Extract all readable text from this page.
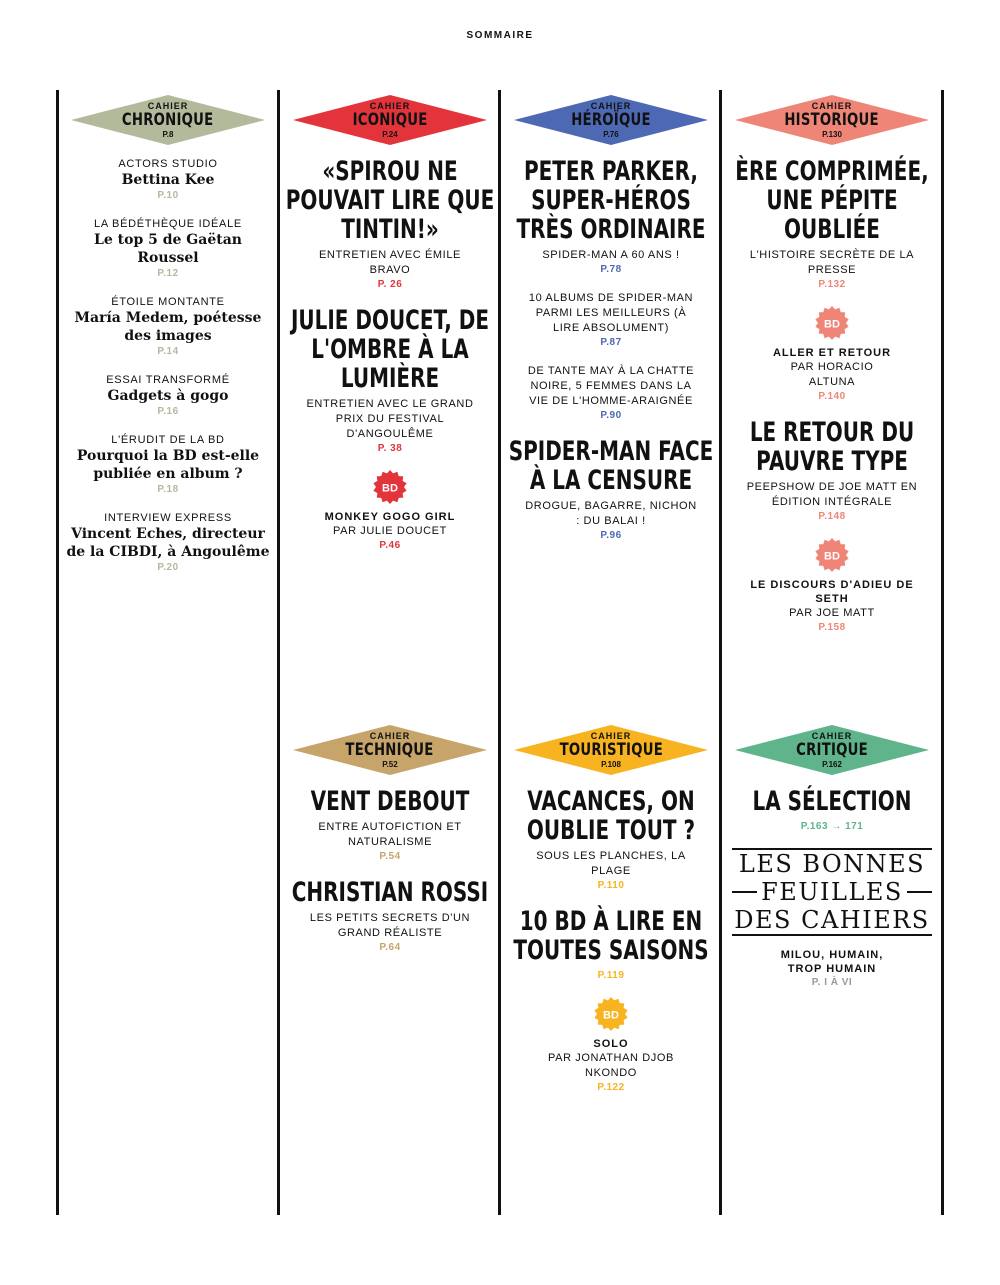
SOMMAIRE
CAHIER
CHRONIQUE
P.8
ACTORS STUDIO
Bettina Kee
P.10
LA BÉDÉTHÈQUE IDÉALE
Le top 5 de Gaëtan Roussel
P.12
ÉTOILE MONTANTE
María Medem, poétesse des images
P.14
ESSAI TRANSFORMÉ
Gadgets à gogo
P.16
L'ÉRUDIT DE LA BD
Pourquoi la BD est-elle publiée en album ?
P.18
INTERVIEW EXPRESS
Vincent Eches, directeur de la CIBDI, à Angoulême
P.20
CAHIER
ICONIQUE
P.24
«SPIROU NE POUVAIT LIRE QUE TINTIN!»
ENTRETIEN AVEC ÉMILE BRAVO
P. 26
JULIE DOUCET, DE L'OMBRE À LA LUMIÈRE
ENTRETIEN AVEC LE GRAND PRIX DU FESTIVAL D'ANGOULÊME
P. 38
BD
MONKEY GOGO GIRL
PAR JULIE DOUCET
P.46
CAHIER
HÉROÏQUE
P.76
PETER PARKER, SUPER-HÉROS TRÈS ORDINAIRE
SPIDER-MAN A 60 ANS !
P.78
10 ALBUMS DE SPIDER-MAN PARMI LES MEILLEURS (À LIRE ABSOLUMENT)
P.87
DE TANTE MAY À LA CHATTE NOIRE, 5 FEMMES DANS LA VIE DE L'HOMME-ARAIGNÉE
P.90
SPIDER-MAN FACE À LA CENSURE
DROGUE, BAGARRE, NICHON : DU BALAI !
P.96
CAHIER
HISTORIQUE
P.130
ÈRE COMPRIMÉE, UNE PÉPITE OUBLIÉE
L'HISTOIRE SECRÈTE DE LA PRESSE
P.132
BD
ALLER ET RETOUR
PAR HORACIO ALTUNA
P.140
LE RETOUR DU PAUVRE TYPE
PEEPSHOW DE JOE MATT EN ÉDITION INTÉGRALE
P.148
BD
LE DISCOURS D'ADIEU DE SETH
PAR JOE MATT
P.158
CAHIER
TECHNIQUE
P.52
VENT DEBOUT
ENTRE AUTOFICTION ET NATURALISME
P.54
CHRISTIAN ROSSI
LES PETITS SECRETS D'UN GRAND RÉALISTE
P.64
CAHIER
TOURISTIQUE
P.108
VACANCES, ON OUBLIE TOUT ?
SOUS LES PLANCHES, LA PLAGE
P.110
10 BD À LIRE EN TOUTES SAISONS
P.119
BD
SOLO
PAR JONATHAN DJOB NKONDO
P.122
CAHIER
CRITIQUE
P.162
LA SÉLECTION
P.163 → 171
LES BONNES
FEUILLES
DES CAHIERS
MILOU, HUMAIN, TROP HUMAIN
P. I À VI
